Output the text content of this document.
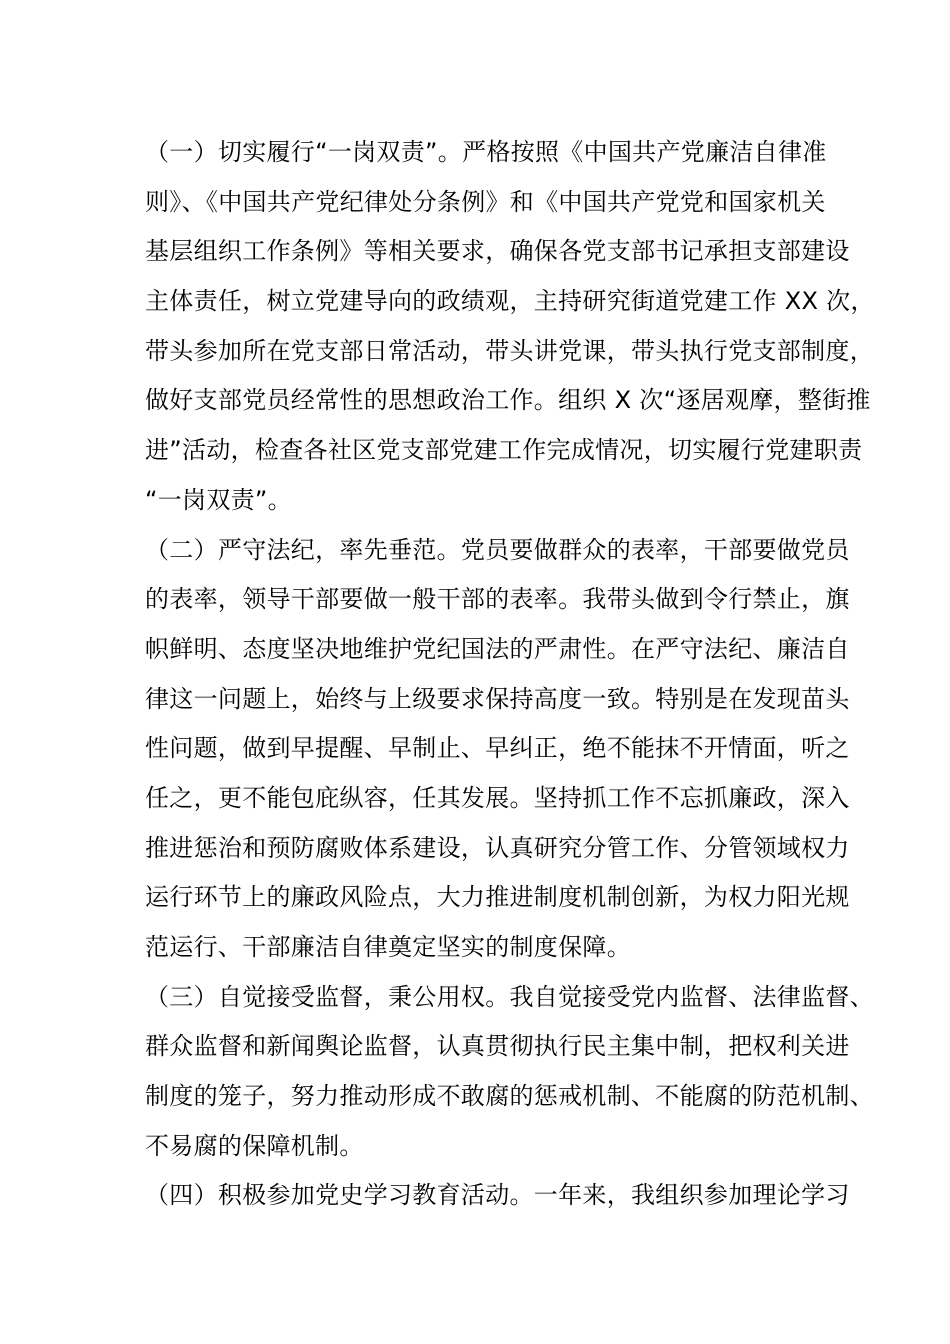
（一）切实履行“一岗双责”。严格按照《中国共产党廉洁自律准
则》、《中国共产党纪律处分条例》和《中国共产党党和国家机关
基层组织工作条例》等相关要求，确保各党支部书记承担支部建设
主体责任，树立党建导向的政绩观，主持研究街道党建工作 XX 次，
带头参加所在党支部日常活动，带头讲党课，带头执行党支部制度，
做好支部党员经常性的思想政治工作。组织 X 次“逐居观摩，整街推
进”活动，检查各社区党支部党建工作完成情况，切实履行党建职责
“一岗双责”。
（二）严守法纪，率先垂范。党员要做群众的表率，干部要做党员
的表率，领导干部要做一般干部的表率。我带头做到令行禁止，旗
帜鲜明、态度坚决地维护党纪国法的严肃性。在严守法纪、廉洁自
律这一问题上，始终与上级要求保持高度一致。特别是在发现苗头
性问题，做到早提醒、早制止、早纠正，绝不能抹不开情面，听之
任之，更不能包庇纵容，任其发展。坚持抓工作不忘抓廉政，深入
推进惩治和预防腐败体系建设，认真研究分管工作、分管领域权力
运行环节上的廉政风险点，大力推进制度机制创新，为权力阳光规
范运行、干部廉洁自律奠定坚实的制度保障。
（三）自觉接受监督，秉公用权。我自觉接受党内监督、法律监督、
群众监督和新闻舆论监督，认真贯彻执行民主集中制，把权利关进
制度的笼子，努力推动形成不敢腐的惩戒机制、不能腐的防范机制、
不易腐的保障机制。
（四）积极参加党史学习教育活动。一年来，我组织参加理论学习
